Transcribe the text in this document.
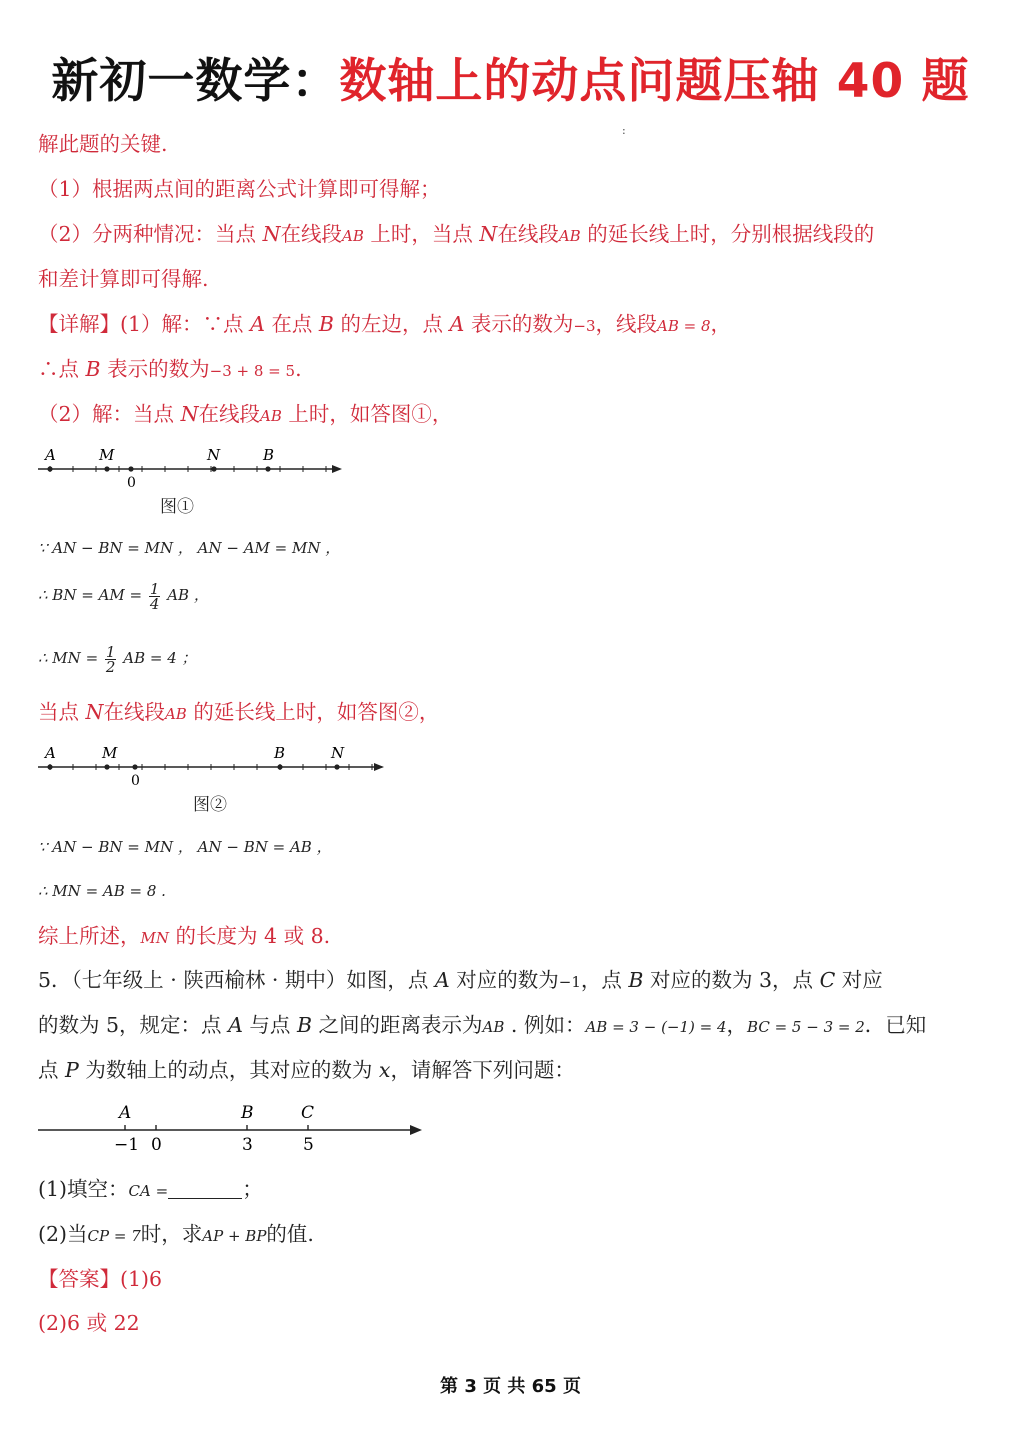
新初一数学：数轴上的动点问题压轴 40 题
:
解此题的关键.
（1）根据两点间的距离公式计算即可得解；
（2）分两种情况：当点 N在线段AB 上时，当点 N在线段AB 的延长线上时，分别根据线段的
和差计算即可得解.
【详解】(1）解：∵点 A 在点 B 的左边，点 A 表示的数为−3，线段AB = 8，
∴点 B 表示的数为−3 + 8 = 5.
（2）解：当点 N在线段AB 上时，如答图①，
A	M	N	B
0
图①
∵ AN − BN = MN ， AN − AM = MN ，
∴ BN = AM = $\frac{1}{4}$ AB ，
∴ MN = $\frac{1}{2}$ AB = 4 ；
当点 N在线段AB 的延长线上时，如答图②，
A	M	B	N
0
图②
∵ AN − BN = MN ， AN − BN = AB ，
∴ MN = AB = 8 .
综上所述，MN 的长度为 4 或 8.
5．（七年级上 · 陕西榆林 · 期中）如图，点 A 对应的数为−1，点 B 对应的数为 3，点 C 对应
的数为 5，规定：点 A 与点 B 之间的距离表示为AB . 例如：AB = 3 − (−1) = 4，BC = 5 − 3 = 2．已知
点 P 为数轴上的动点，其对应的数为 x，请解答下列问题：
A	B	C
−1 0	3	5
(1)填空：CA =	；
(2)当CP = 7时，求AP + BP的值.
【答案】(1)6
(2)6 或 22
第 3 页 共 65 页
